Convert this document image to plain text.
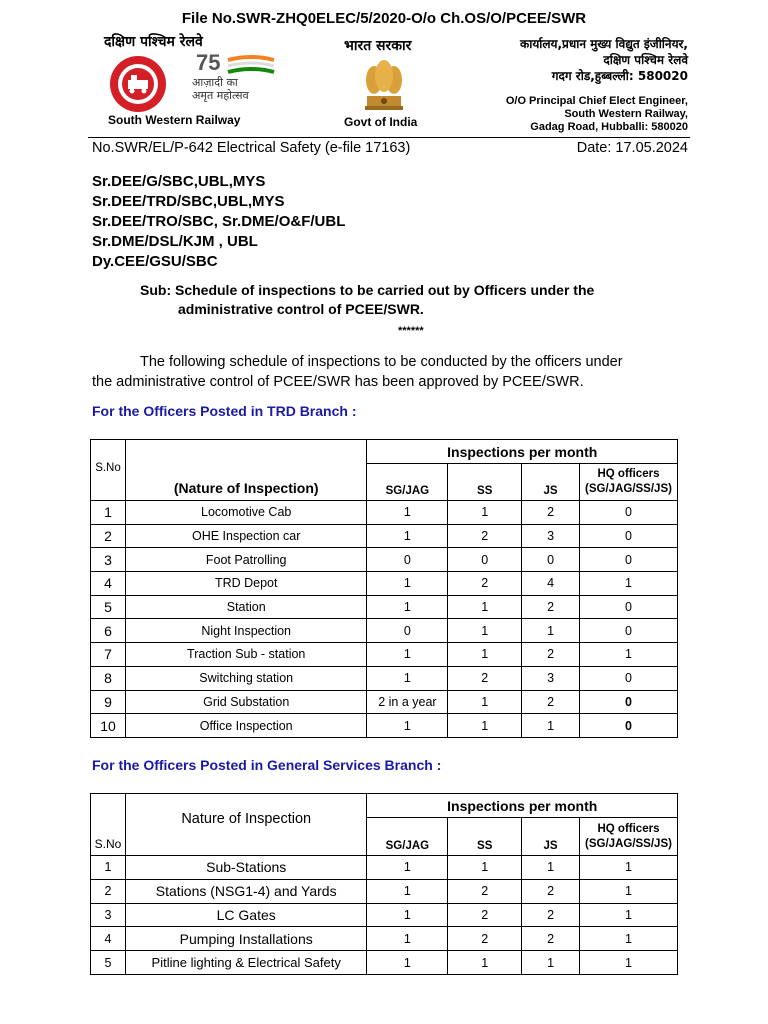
File No.SWR-ZHQ0ELEC/5/2020-O/o Ch.OS/O/PCEE/SWR
दक्षिण पश्चिम रेलवे
75
आज़ादी का
अमृत महोत्सव
South Western Railway
भारत सरकार
Govt of India
कार्यालय,प्रधान मुख्य विद्युत इंजीनियर,
दक्षिण पश्चिम रेलवे
गदग रोड,हुब्बल्ली: 580020
O/O Principal Chief Elect Engineer,
South Western Railway,
Gadag Road, Hubballi: 580020
No.SWR/EL/P-642 Electrical Safety (e-file 17163)	Date: 17.05.2024
Sr.DEE/G/SBC,UBL,MYS
Sr.DEE/TRD/SBC,UBL,MYS
Sr.DEE/TRO/SBC, Sr.DME/O&F/UBL
Sr.DME/DSL/KJM , UBL
Dy.CEE/GSU/SBC
Sub: Schedule of inspections to be carried out by Officers under the
administrative control of PCEE/SWR.
******
The following schedule of inspections to be conducted by the officers under
the administrative control of PCEE/SWR has been approved by PCEE/SWR.
For the Officers Posted in TRD Branch :
S.No	(Nature of Inspection)	Inspections per month			
		SG/JAG	SS	JS	HQ officers
(SG/JAG/SS/JS)

1	Locomotive Cab	1	1	2	0
2	OHE Inspection car	1	2	3	0
3	Foot Patrolling	0	0	0	0
4	TRD Depot	1	2	4	1
5	Station	1	1	2	0
6	Night Inspection	0	1	1	0
7	Traction Sub - station	1	1	2	1
8	Switching station	1	2	3	0
9	Grid Substation	2 in a year	1	2	0
10	Office Inspection	1	1	1	0
For the Officers Posted in General Services Branch :
S.No	Nature of Inspection	Inspections per month			
		SG/JAG	SS	JS	HQ officers
(SG/JAG/SS/JS)

1	Sub-Stations	1	1	1	1
2	Stations (NSG1-4) and Yards	1	2	2	1
3	LC Gates	1	2	2	1
4	Pumping Installations	1	2	2	1
5	Pitline lighting & Electrical Safety	1	1	1	1
